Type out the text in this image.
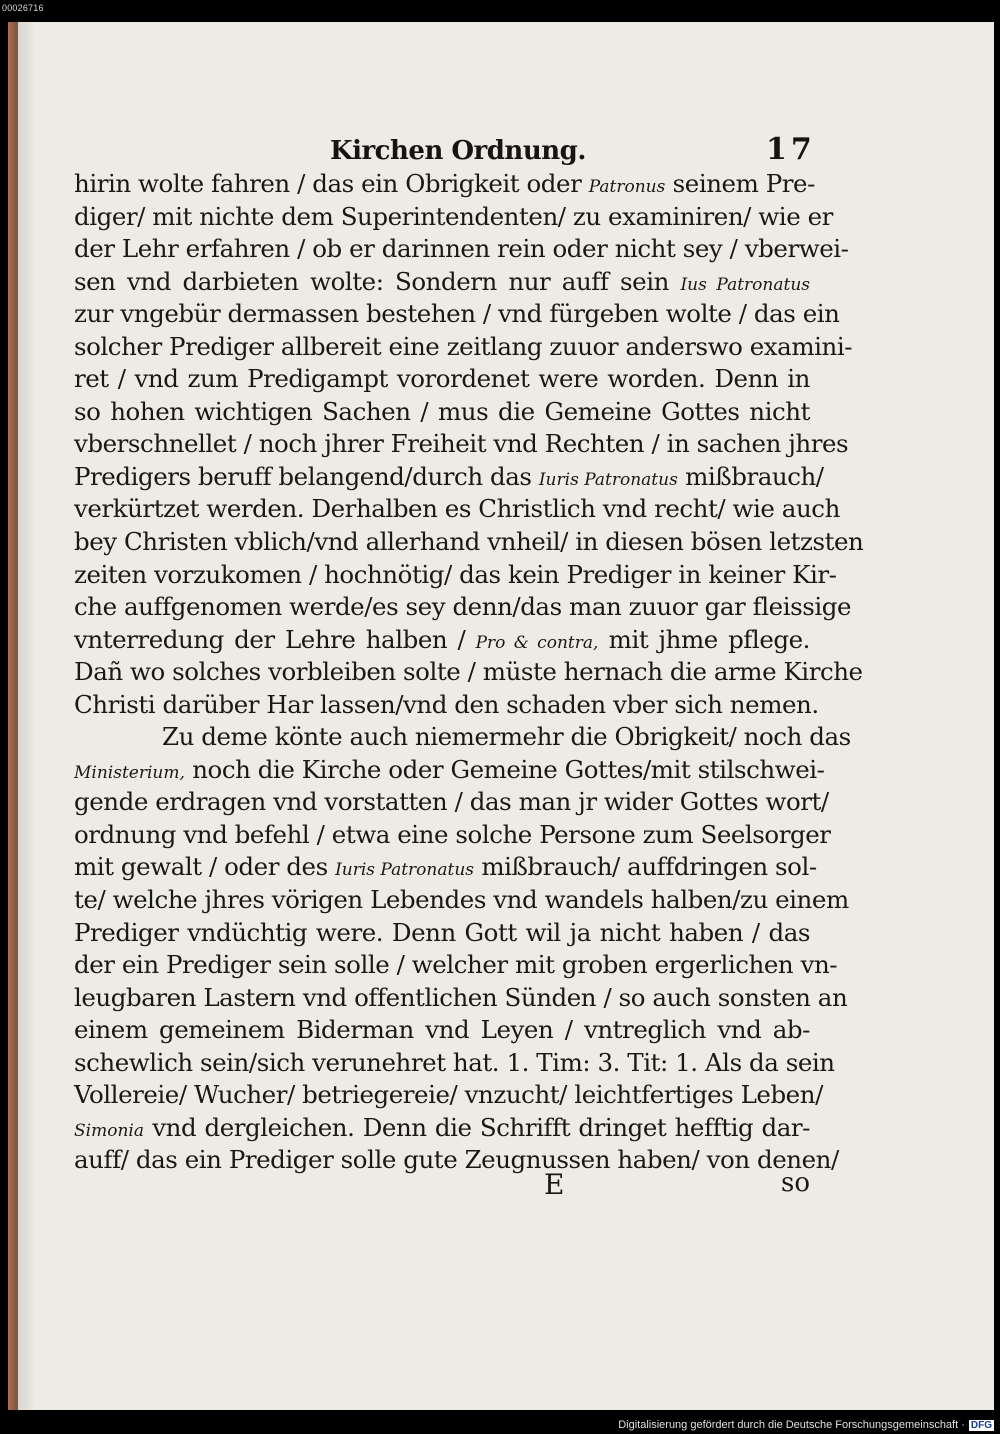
00026716
Kirchen Ordnung.	17
hirin wolte fahren / das ein Obrigkeit oder Patronus seinem Pre-
diger/ mit nichte dem Superintendenten/ zu examiniren/ wie er
der Lehr erfahren / ob er darinnen rein oder nicht sey / vberwei-
sen vnd darbieten wolte: Sondern nur auff sein Ius Patronatus
zur vngebür dermassen bestehen / vnd fürgeben wolte / das ein
solcher Prediger allbereit eine zeitlang zuuor anderswo examini-
ret / vnd zum Predigampt vorordenet were worden. Denn in
so hohen wichtigen Sachen / mus die Gemeine Gottes nicht
vberschnellet / noch jhrer Freiheit vnd Rechten / in sachen jhres
Predigers beruff belangend/durch das Iuris Patronatus mißbrauch/
verkürtzet werden. Derhalben es Christlich vnd recht/ wie auch
bey Christen vblich/vnd allerhand vnheil/ in diesen bösen letzsten
zeiten vorzukomen / hochnötig/ das kein Prediger in keiner Kir-
che auffgenomen werde/es sey denn/das man zuuor gar fleissige
vnterredung der Lehre halben / Pro & contra, mit jhme pflege.
Dañ wo solches vorbleiben solte / müste hernach die arme Kirche
Christi darüber Har lassen/vnd den schaden vber sich nemen.
Zu deme könte auch niemermehr die Obrigkeit/ noch das
Ministerium, noch die Kirche oder Gemeine Gottes/mit stilschwei-
gende erdragen vnd vorstatten / das man jr wider Gottes wort/
ordnung vnd befehl / etwa eine solche Persone zum Seelsorger
mit gewalt / oder des Iuris Patronatus mißbrauch/ auffdringen sol-
te/ welche jhres vörigen Lebendes vnd wandels halben/zu einem
Prediger vndüchtig were. Denn Gott wil ja nicht haben / das
der ein Prediger sein solle / welcher mit groben ergerlichen vn-
leugbaren Lastern vnd offentlichen Sünden / so auch sonsten an
einem gemeinem Biderman vnd Leyen / vntreglich vnd ab-
schewlich sein/sich verunehret hat. 1. Tim: 3. Tit: 1. Als da sein
Vollereie/ Wucher/ betriegereie/ vnzucht/ leichtfertiges Leben/
Simonia vnd dergleichen. Denn die Schrifft dringet hefftig dar-
auff/ das ein Prediger solle gute Zeugnussen haben/ von denen/
E	so
Digitalisierung gefördert durch die Deutsche Forschungsgemeinschaft · DFG
